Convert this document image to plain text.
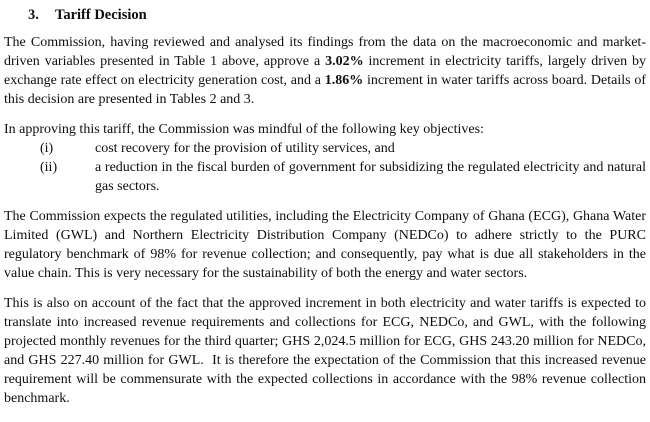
3. Tariff Decision

The Commission, having reviewed and analysed its findings from the data on the macroeconomic and market-driven variables presented in Table 1 above, approve a 3.02% increment in electricity tariffs, largely driven by exchange rate effect on electricity generation cost, and a 1.86% increment in water tariffs across board. Details of this decision are presented in Tables 2 and 3.

In approving this tariff, the Commission was mindful of the following key objectives:

(i)	cost recovery for the provision of utility services, and
(ii)	a reduction in the fiscal burden of government for subsidizing the regulated electricity and natural gas sectors.

The Commission expects the regulated utilities, including the Electricity Company of Ghana (ECG), Ghana Water Limited (GWL) and Northern Electricity Distribution Company (NEDCo) to adhere strictly to the PURC regulatory benchmark of 98% for revenue collection; and consequently, pay what is due all stakeholders in the value chain. This is very necessary for the sustainability of both the energy and water sectors.

This is also on account of the fact that the approved increment in both electricity and water tariffs is expected to translate into increased revenue requirements and collections for ECG, NEDCo, and GWL, with the following projected monthly revenues for the third quarter; GHS 2,024.5 million for ECG, GHS 243.20 million for NEDCo, and GHS 227.40 million for GWL.  It is therefore the expectation of the Commission that this increased revenue requirement will be commensurate with the expected collections in accordance with the 98% revenue collection benchmark.
